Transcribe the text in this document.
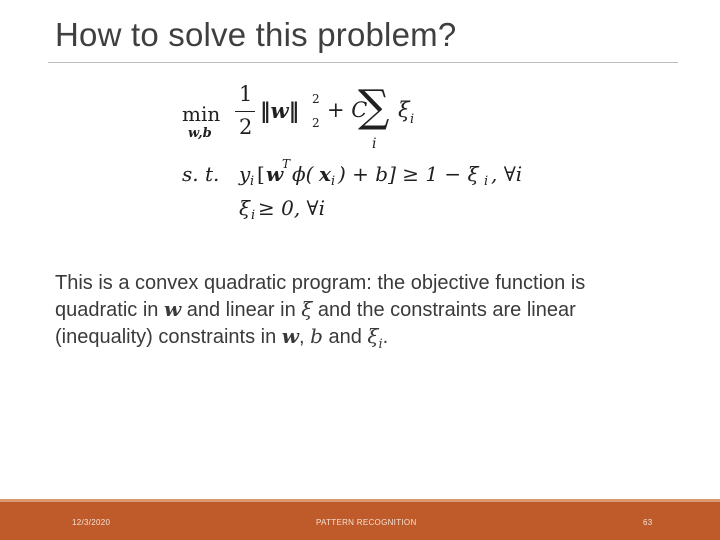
How to solve this problem?
min
w,b
1
2
‖w‖ 2
2
+ C
∑
i
ξ i
s. t. y i [ w
T ϕ( x i ) + b] ≥ 1 − ξ i , ∀i
ξ i ≥ 0, ∀i
This is a convex quadratic program: the objective function is quadratic in w and linear in ξ and the constraints are linear (inequality) constraints in w, b and $\xi_i$.
12/3/2020	PATTERN RECOGNITION	63
